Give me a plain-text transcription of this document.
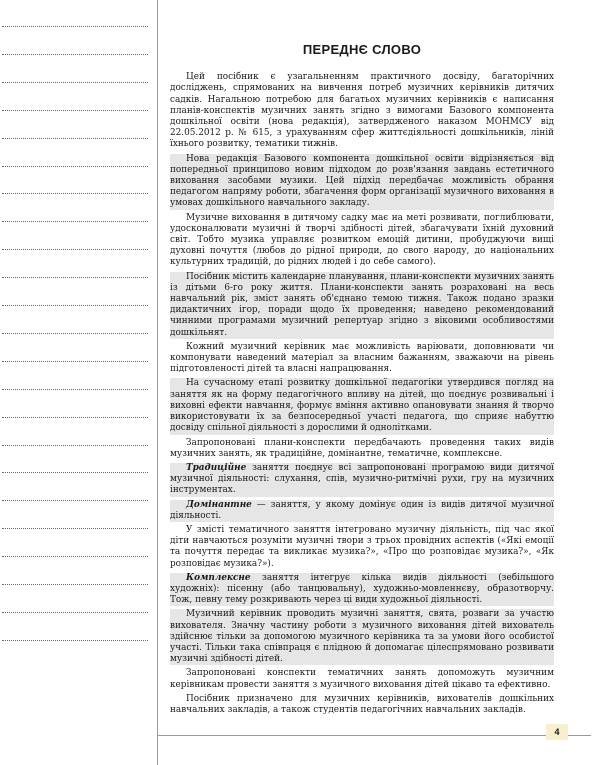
ПЕРЕДНЄ СЛОВО

Цей посібник є узагальненням практичного досвіду, багаторічних досліджень, спрямованих на вивчення потреб музичних керівників дитячих садків. Нагальною потребою для багатьох музичних керівників є написання планів-конспектів музичних занять згідно з вимогами Базового компонента дошкільної освіти (нова редакція), затвердженого наказом МОНМСУ від 22.05.2012 р. № 615, з урахуванням сфер життєдіяльності дошкільників, ліній їхнього розвитку, тематики тижнів.

Нова редакція Базового компонента дошкільної освіти відрізняється від попередньої принципово новим підходом до розв'язання завдань естетичного виховання засобами музики. Цей підхід передбачає можливість обрання педагогом напряму роботи, збагачення форм організації музичного виховання в умовах дошкільного навчального закладу.

Музичне виховання в дитячому садку має на меті розвивати, поглиблювати, удосконалювати музичні й творчі здібності дітей, збагачувати їхній духовний світ. Тобто музика управляє розвитком емоцій дитини, пробуджуючи вищі духовні почуття (любов до рідної природи, до свого народу, до національних культурних традицій, до рідних людей і до себе самого).

Посібник містить календарне планування, плани-конспекти музичних занять із дітьми 6-го року життя. Плани-конспекти занять розраховані на весь навчальний рік, зміст занять об'єднано темою тижня. Також подано зразки дидактичних ігор, поради щодо їх проведення; наведено рекомендований чинними програмами музичний репертуар згідно з віковими особливостями дошкільнят.

Кожний музичний керівник має можливість варіювати, доповнювати чи компонувати наведений матеріал за власним бажанням, зважаючи на рівень підготовленості дітей та власні напрацювання.

На сучасному етапі розвитку дошкільної педагогіки утвердився погляд на заняття як на форму педагогічного впливу на дітей, що поєднує розвивальні і виховні ефекти навчання, формує вміння активно опановувати знання й творчо використовувати їх за безпосередньої участі педагога, що сприяє набуттю досвіду спільної діяльності з дорослими й однолітками.

Запропоновані плани-конспекти передбачають проведення таких видів музичних занять, як традиційне, домінантне, тематичне, комплексне.

Традиційне заняття поєднує всі запропоновані програмою види дитячої музичної діяльності: слухання, спів, музично-ритмічні рухи, гру на музичних інструментах.

Домінантне — заняття, у якому домінує один із видів дитячої музичної діяльності.

У змісті тематичного заняття інтегровано музичну діяльність, під час якої діти навчаються розуміти музичні твори з трьох провідних аспектів («Які емоції та почуття передає та викликає музика?», «Про що розповідає музика?», «Як розповідає музика?»).

Комплексне заняття інтегрує кілька видів діяльності (зебільшого художніх): пісенну (або танцювальну), художньо-мовленнєву, образотворчу. Тож, певну тему розкривають через ці види художньої діяльності.

Музичний керівник проводить музичні заняття, свята, розваги за участю вихователя. Значну частину роботи з музичного виховання дітей вихователь здійснює тільки за допомогою музичного керівника та за умови його особистої участі. Тільки така співпраця є плідною й допомагає цілеспрямовано розвивати музичні здібності дітей.

Запропоновані конспекти тематичних занять допоможуть музичним керівникам провести заняття з музичного виховання дітей цікаво та ефективно.

Посібник призначено для музичних керівників, вихователів дошкільних навчальних закладів, а також студентів педагогічних навчальних закладів.

4
